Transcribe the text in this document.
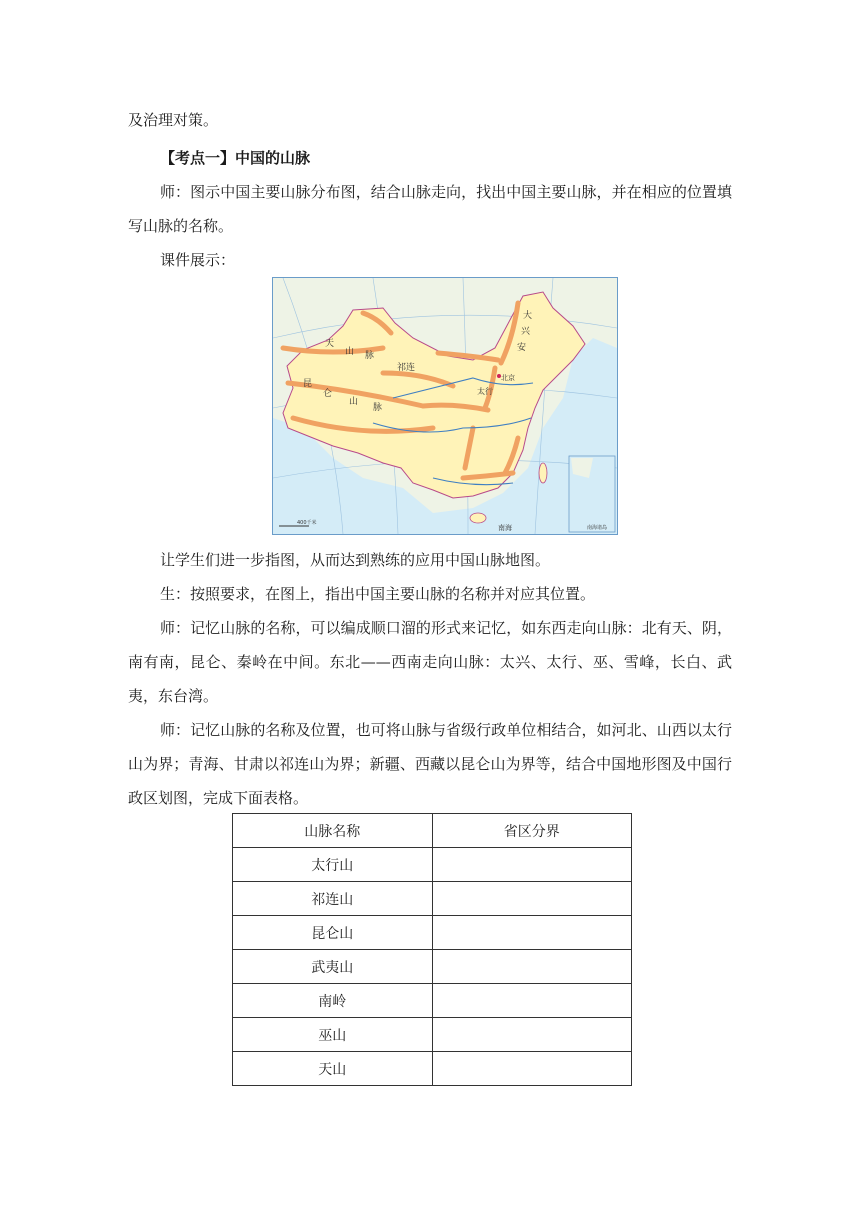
及治理对策。

【考点一】中国的山脉

师：图示中国主要山脉分布图，结合山脉走向，找出中国主要山脉，并在相应的位置填写山脉的名称。

课件展示：

天
山 脉
昆
仑
山
脉
祁连
大
兴
安
北京
太行
南海
400千米
南海诸岛

让学生们进一步指图，从而达到熟练的应用中国山脉地图。

生：按照要求，在图上，指出中国主要山脉的名称并对应其位置。

师：记忆山脉的名称，可以编成顺口溜的形式来记忆，如东西走向山脉：北有天、阴，南有南，昆仑、秦岭在中间。东北——西南走向山脉：太兴、太行、巫、雪峰，长白、武夷，东台湾。

师：记忆山脉的名称及位置，也可将山脉与省级行政单位相结合，如河北、山西以太行山为界；青海、甘肃以祁连山为界；新疆、西藏以昆仑山为界等，结合中国地形图及中国行政区划图，完成下面表格。

山脉名称	省区分界
太行山	
祁连山	
昆仑山	
武夷山	
南岭	
巫山	
天山	
